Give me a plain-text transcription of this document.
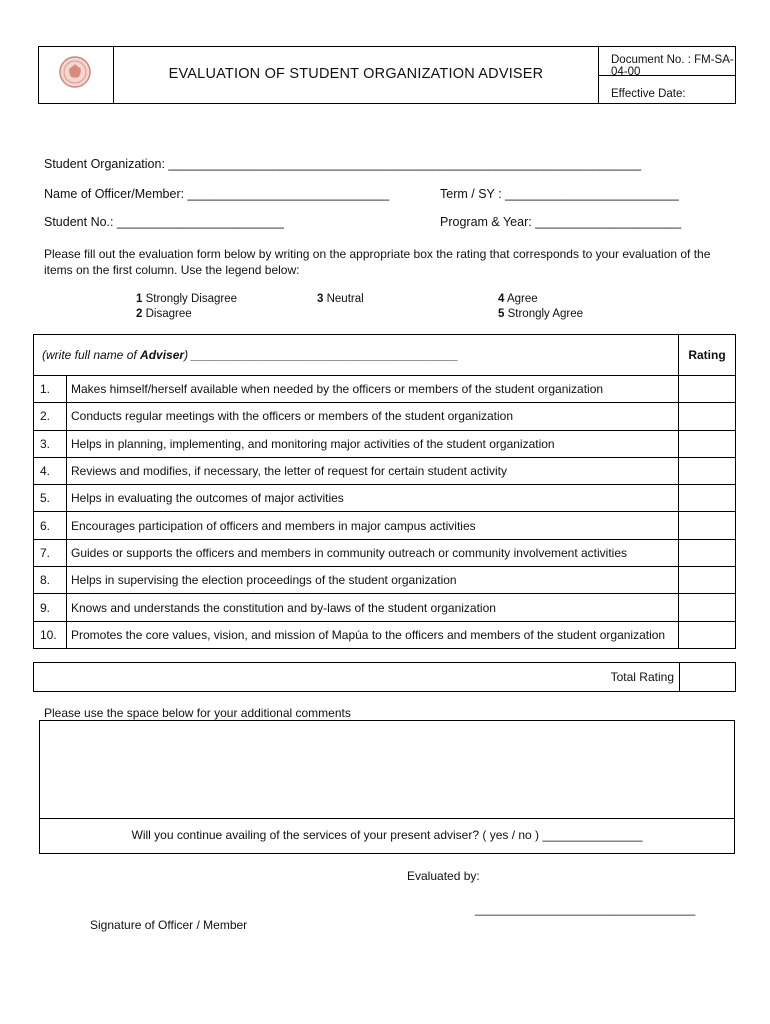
EVALUATION OF STUDENT ORGANIZATION ADVISER
Document No. : FM-SA-04-00
Effective Date:
Student Organization: ____________________________________________________________________
Name of Officer/Member: _____________________________	Term / SY : _________________________
Student No.: ________________________	Program & Year: _____________________
Please fill out the evaluation form below by writing on the appropriate box the rating that corresponds to your evaluation of the items on the first column. Use the legend below:
1 Strongly Disagree
2 Disagree
3 Neutral	4 Agree
5 Strongly Agree
(write full name of Adviser) ________________________________________		Rating
1.	Makes himself/herself available when needed by the officers or members of the student organization	
2.	Conducts regular meetings with the officers or members of the student organization	
3.	Helps in planning, implementing, and monitoring major activities of the student organization	
4.	Reviews and modifies, if necessary, the letter of request for certain student activity	
5.	Helps in evaluating the outcomes of major activities	
6.	Encourages participation of officers and members in major campus activities	
7.	Guides or supports the officers and members in community outreach or community involvement activities	
8.	Helps in supervising the election proceedings of the student organization	
9.	Knows and understands the constitution and by-laws of the student organization	
10.	Promotes the core values, vision, and mission of Mapúa to the officers and members of the student organization	
Total Rating
Please use the space below for your additional comments
Will you continue availing of the services of your present adviser? ( yes / no ) _______________
Evaluated by:
_________________________________
Signature of Officer / Member
